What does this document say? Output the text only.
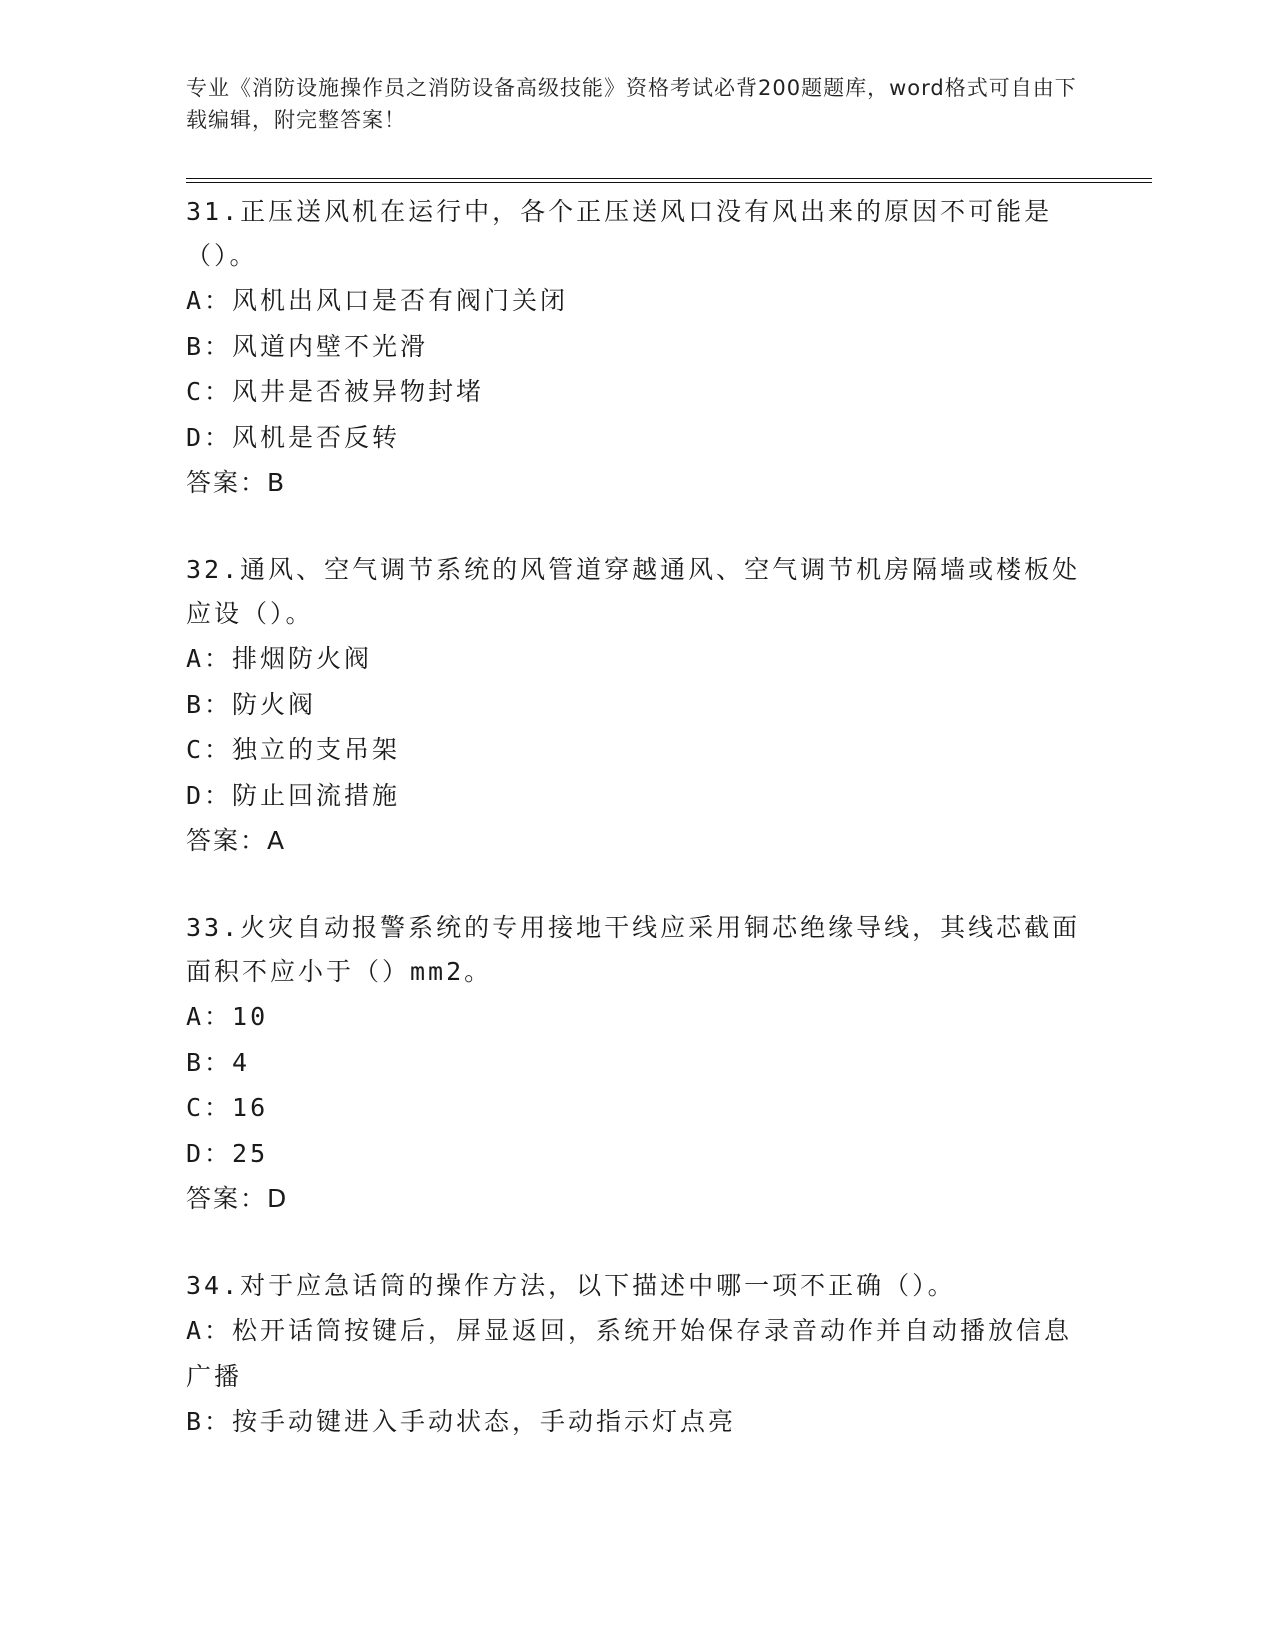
专业《消防设施操作员之消防设备高级技能》资格考试必背200题题库，word格式可自由下载编辑，附完整答案！

31.正压送风机在运行中，各个正压送风口没有风出来的原因不可能是（）。

A：风机出风口是否有阀门关闭

B：风道内壁不光滑

C：风井是否被异物封堵

D：风机是否反转

答案：B

32.通风、空气调节系统的风管道穿越通风、空气调节机房隔墙或楼板处应设（）。

A：排烟防火阀

B：防火阀

C：独立的支吊架

D：防止回流措施

答案：A

33.火灾自动报警系统的专用接地干线应采用铜芯绝缘导线，其线芯截面面积不应小于（）mm2。

A：10

B：4

C：16

D：25

答案：D

34.对于应急话筒的操作方法，以下描述中哪一项不正确（）。

A：松开话筒按键后，屏显返回，系统开始保存录音动作并自动播放信息广播

B：按手动键进入手动状态，手动指示灯点亮
